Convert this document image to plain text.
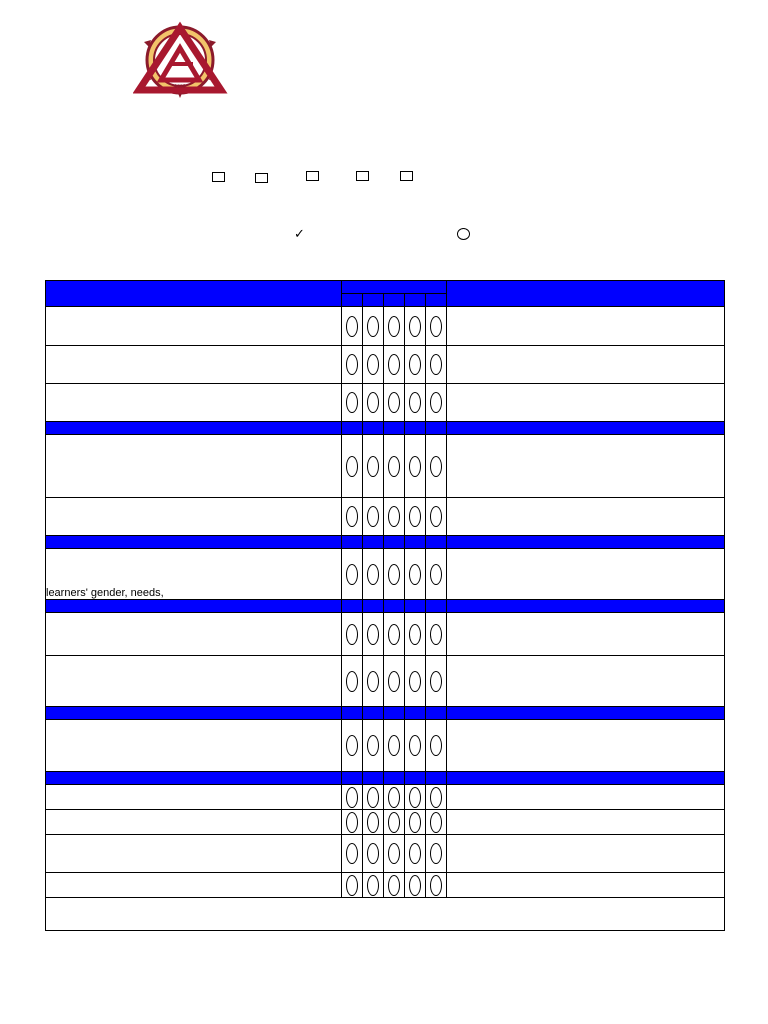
1906
✓

learners' gender, needs,						
